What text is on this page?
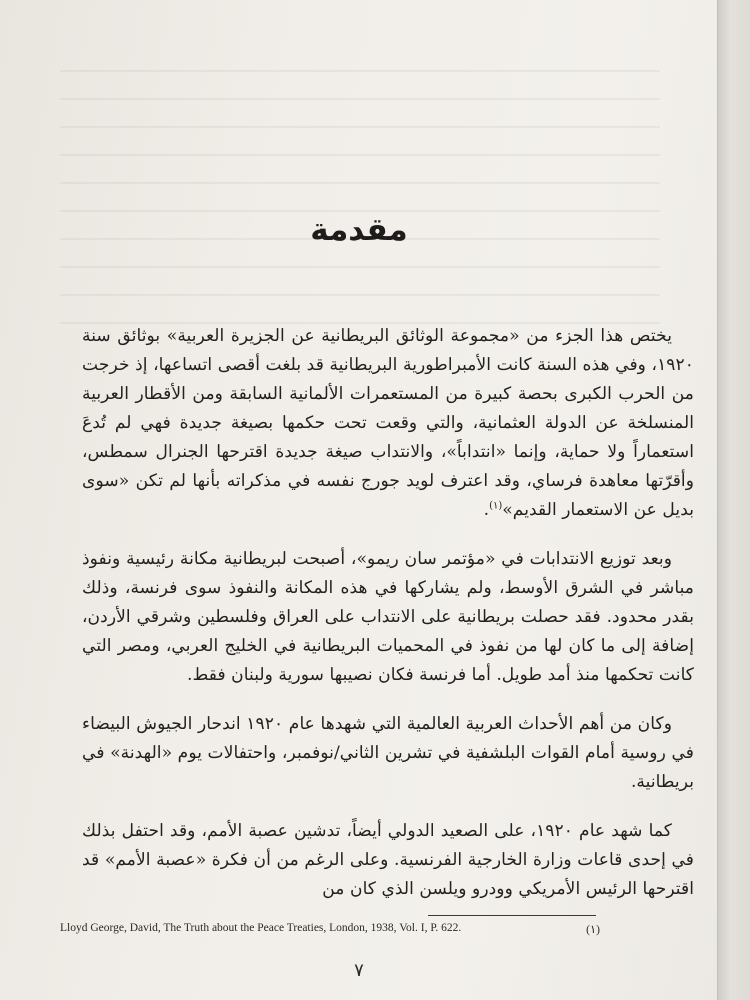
مقدمة

يختص هذا الجزء من «مجموعة الوثائق البريطانية عن الجزيرة العربية» بوثائق سنة ١٩٢٠، وفي هذه السنة كانت الأمبراطورية البريطانية قد بلغت أقصى اتساعها، إذ خرجت من الحرب الكبرى بحصة كبيرة من المستعمرات الألمانية السابقة ومن الأقطار العربية المنسلخة عن الدولة العثمانية، والتي وقعت تحت حكمها بصيغة جديدة فهي لم تُدعَ استعماراً ولا حماية، وإنما «انتداباً»، والانتداب صيغة جديدة اقترحها الجنرال سمطس، وأقرّتها معاهدة فرساي، وقد اعترف لويد جورج نفسه في مذكراته بأنها لم تكن «سوى بديل عن الاستعمار القديم»$^{(١)}$.

وبعد توزيع الانتدابات في «مؤتمر سان ريمو»، أصبحت لبريطانية مكانة رئيسية ونفوذ مباشر في الشرق الأوسط، ولم يشاركها في هذه المكانة والنفوذ سوى فرنسة، وذلك بقدر محدود. فقد حصلت بريطانية على الانتداب على العراق وفلسطين وشرقي الأردن، إضافة إلى ما كان لها من نفوذ في المحميات البريطانية في الخليج العربي، ومصر التي كانت تحكمها منذ أمد طويل. أما فرنسة فكان نصيبها سورية ولبنان فقط.

وكان من أهم الأحداث العربية العالمية التي شهدها عام ١٩٢٠ اندحار الجيوش البيضاء في روسية أمام القوات البلشفية في تشرين الثاني/نوفمبر، واحتفالات يوم «الهدنة» في بريطانية.

كما شهد عام ١٩٢٠، على الصعيد الدولي أيضاً، تدشين عصبة الأمم، وقد احتفل بذلك في إحدى قاعات وزارة الخارجية الفرنسية. وعلى الرغم من أن فكرة «عصبة الأمم» قد اقترحها الرئيس الأمريكي وودرو ويلسن الذي كان من

Lloyd George, David, The Truth about the Peace Treaties, London, 1938, Vol. I, P. 622.	(١)
٧
